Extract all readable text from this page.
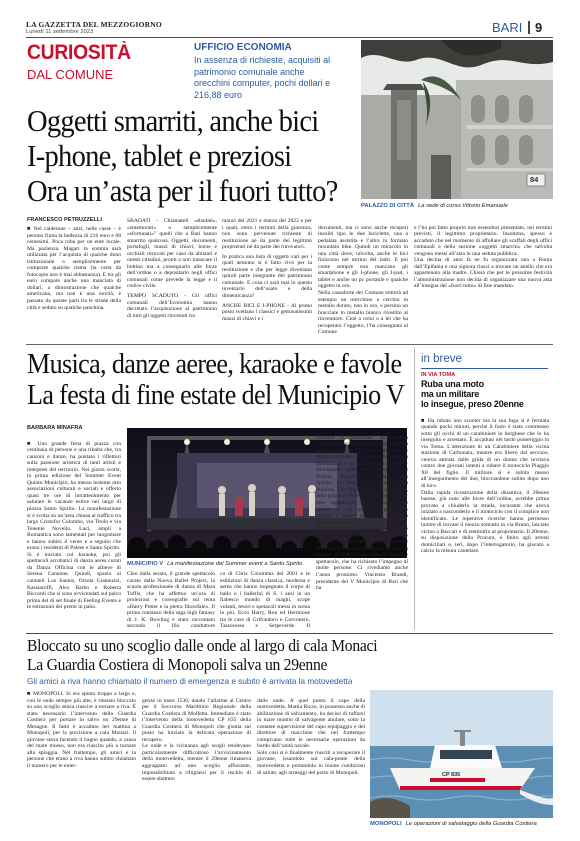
LA GAZZETTA DEL MEZZOGIORNO
Lunedì 11 settembre 2023	BARI 9
CURIOSITÀ
DAL COMUNE
UFFICIO ECONOMIA
In assenza di richieste, acquisiti al patrimonio comunale anche orecchini computer, pochi dollari e 216,88 euro
Oggetti smarriti, anche bici
I-phone, tablet e preziosi
Ora un’asta per il fuori tutto?	84
PALAZZO DI CITTÀ La sede di corso Vittorio Emanuele
FRANCESCO PETRUZZELLI

■ Nel calderone – anzi, nelle casse – è persino finita la bellezza di 216 euro e 88 centesimi. Poca roba per un ente locale. Ma pazienza. Magari la somma sarà utilizzata per l’acquisto di qualche dono istituzionale o semplicemente per comprare qualche risma (la carta da fotocopie non è mai abbastanza). E tra gli euro compare anche una manciata di dollari, a dimostrazione che qualche americano, ma non è una novità, è passato da queste parti tra le strade della città e seduto su qualche panchina.

SBADATI - Chiamateli «sbadati», «smemorati» o semplicemente «sfortunati»” quelli che a Bari hanno smarrito qualcosa. Oggetti, documenti, portafogli, mazzi di chiavi, borse e occhiali ritrovati per caso da abitanti e onesti cittadini, pronti a non intascare il bottino ma a consegnarlo alle forze dell’ordine o a depositarlo negli uffici comunali come prevede la legge e il codice civile.

TEMPO SCADUTO - Gli uffici comunali dell’Economia hanno decretato l’acquisizione al patrimonio di tutti gli oggetti rinvenuti tra

marzo del 2021 e marzo del 2022 e per i quali, entro i termini della giacenza, non sono pervenute richieste di restituzione né da parte dei legittimi proprietari né da parte dei ritrovatori.

In pratica una lista di oggetti vari per i quali nessuno si è fatto vivo per la restituzione e che per legge diventano quindi parte integrante del patrimonio comunale. E cosa ci sarà mai in questo inventario dell’usato e della dimenticanza?

ANCHE BICI E I-PHONE - Al primo posto svettano i classici e gettonatissimi mazzi di chiavi e i

documenti, ma ci sono anche recuperi insoliti tipo le due biciclette, una a pedalata assistita e l’altra in formato mountain bike. Quindi un miracolo in una città dove, talvolta, anche le bici finiscono nel mirino dei ladri. E poi come sempre non mancano gli smartphone e gli I-phone, gli I-pad, i tablet e anche un pc portatile e qualche oggetto in oro.
Nella cassaforte del Comune entrerà ad esempio un orecchino a cerchio in metallo dorato, non in oro, e persino un bracciale in metallo bianco rivestito al rinvenitore. Cioè a colui o a lei che ha recuperato l’oggetto, l’ha consegnato al Comune

e l’ha poi fatto proprio non essendosi presentato, nei termini previsti, il legittimo proprietario. Insomma, spesso è accaduto che nel momento di affollare gli scaffali degli uffici comunali e della sezione «oggetti smarriti» che talvolta vengono messi all’asta in una seduta pubblica.
Una decina di anni fa ne fu organizzata una a Roma dall’Epifania e una signora riuscì a trovare un anello che era appartenuto alla madre. Chissà che per le prossime festività l’amministrazione non decida di organizzare una nuova asta all’insegna del «fuori tutto» di fine mandato.

Musica, danze aeree, karaoke e favole
La festa di fine estate del Municipio V
BARBARA MINAFRA

■ Uno grande festa di piazza con centinaia di persone e una ribalta che, tra canzoni e danze, ha puntato i riflettori sulla passione artistica di tanti artisti e interpreti del territorio. Nei giorni scorsi, la prima edizione del Summer Event Quinto Municipio, ha messo insieme otto associazioni culturali e sociali e offerto quasi tre ore di intrattenimento per salutare le vacanze estive nel largo di piazza Santo Spirito. La manifestazione si è svolta su un’area chiusa al traffico tra largo Cristofor Colombo, via Titolo e via Tenente Novello. Luci, ampli a Romantica sono lamentati per lungomare e hanno subito il vento e a seguito che erano i residenti di Palese e Santo Spirito.
Si è iniziato col karaoke, poi gli spettacoli acrobatici di danza aerea curati da Danza Officina con le allieve di Serena Cannone. Quindi, spazio ai cantanti Los Santos, Orsola Giannuzzi, Kassiaroffi, Alex Barbo e Roberta Biccardi che si sono avvicendati sul palco prima del di set finale di Feeling Events e le estrazioni dei premi in palio.

MUNICIPIO V La manifestazione del Summer event a Santo Spirito

Cleo dalla serata, il grande spettacolo curato dalla Nuova Ballet Project, la scuola professionale di danza di Mara Toffis, che ha affettuo un’ora di proiezioni e coreografie sul tema «Harry Potter e la pietra filosofale». Il primo romanzo della saga high fantasy di J. K. Rowling è stato raccontato secondo il filo conduttore

co di Chris Columbus del 2001 e le esibizioni di danza classica, moderna e aerea che hanno impegnato il corpo di ballo e i ballerini di S. i ansì in un fiabesco mondo di maghi, scope volanti, tesori e spetacoli messi in scena in più. Ecco Harry, Ron ed Hermione tra le case di Grifondoro e Corvonero, Tassorosso e Serpeverde. Il

conosce il patrocinio all’iniziativa supportata anche da 38 sponsor «Questa piazza ospitare è un bellissimo e doverosoriflesso a tutta la Polizia Municipale e le associazioni: Agorà – Movimento delle Idee, Nuova Ballet Project, Terrazzone, Mariani Santo Spirito, La forza delle donne, Tisia Pulchra, The Dream, Futura e Feeling, tutto grazie al Palese e Santo Spirito, per aver organizzato un momento come questo in cui possiamo apprezzare meglio il nostro territorio» – il suo ringraziamento.
Michele Picaro, consigliere comunale e regionale: «Bisognerebbe ispirare più le realtà associative del Municipio perché lavorano in rete e organizzano un’attività capace di valorizzare cultura, sport e spettacolo, che ha richiesto l’impegno di molte persone. Ci rivediamo anche l’anno prossimo. Vincenzo Brandi, presidente del V Municipio di Bari che ha

in breve
IN VIA TOMA
Ruba una moto
ma un militare
lo insegue, preso 20enne

■ Ha rubato uno scooter ma la sua fuga si è fermata quando pochi minuti, perché il furto è stato commesso sotto gli occhi di un carabiniere in borghese che lo ha inseguito e arrestato. È accaduto nel tardo pomeriggio in via Toma. L’attenzione di un Carabiniere della vicina stazione di Carbonara, mentre era libero dal servizio, veniva attirata dalle grida di un donna che invitava contro due giovani intenti a rubare il motociclo Piaggio X8 del figlio. Il militare si è subito messo all’inseguimento dei due, bloccandone subito dopo uno di loro.
Dalla rapida ricostruzione della dinamica, il 20enne barese, già noto alle forze dell’ordine, avrebbe prima provato a chiuderlo la strada, incurante che aveva iniziato a nasconderlo e il motociclo con il complice non identificato. Le repentive ricerche hanno permesso inoltre di trovare il mezzo sottratto in via Bruno, lasciato vicino a Baccari e di restituirlo al proprietario. Il 20enne, su disposizione della Procura, è finito agli arresti domiciliari e, ieri, dopo l’interrogatorio, ha giocato a calcio la misura cautelare.

Bloccato su uno scoglio dalle onde al largo di cala Monaci
La Guardia Costiera di Monopoli salva un 29enne
Gli amici a riva hanno chiamato il numero di emergenza e subito è arrivata la motovedetta

■ MONOPOLI. Si era spinto troppo a largo e, con le onde sempre più alte, è rimasto bloccato su uno scoglio senza riuscire a tornare a riva. È stato necessario l’intervento della Guardia Costiera per portare in salvo un 29enne di Mesagne. Il fatto è accaduto ieri mattina a Monopoli, per la precisione a cala Monaci. Il giovane stava facendo il bagno quando, a causa del mare mosso, non era riuscito più a tornare alla spiaggia. Nel frattempo, gli amici e la persone che erano a riva hanno subito chiamato il numero per le emer-

genze in mare 1530, dando l’allarme al Centro per il Soccorso Marittimo Regionale della Guardia Costiera di Molfetta. Immediato è stato l’intervento della motovedetta CP 835 della Guardia Costiera di Monopoli che giunta sul posto ha iniziato la delicata operazione di recupero.
Le onde e la vicinanza agli scogli rendevano particolarmente difficoltoso l’avvicinamento della motovedetta, mentre il 29enne rimaneva aggrappato ad uno scoglio affiorante, impossibilitato a rifugiarsi per il rischio di essere sbattuto

dalle onde. A quel punto il capo della motovedetta, Mattia Rizzo, in possesso anche di abilitazione di salvamento, ha deciso di tuffarsi in mare munito di salvagente anulare, sotto la costante supervisione del capo equipaggio e del direttore di macchine che nel frattempo compivano tutte le necessarie operazioni da bordo dell’unità navale.
Solo così si è finalmente riusciti a recuperare il giovane, issandolo sul cala-ponte della motovedetta e portandolo in buone condizioni di salute, agli ormeggi del porto di Monopoli.	CP 835
MONOPOLI Le operazioni di salvataggio della Guardia Costiera
